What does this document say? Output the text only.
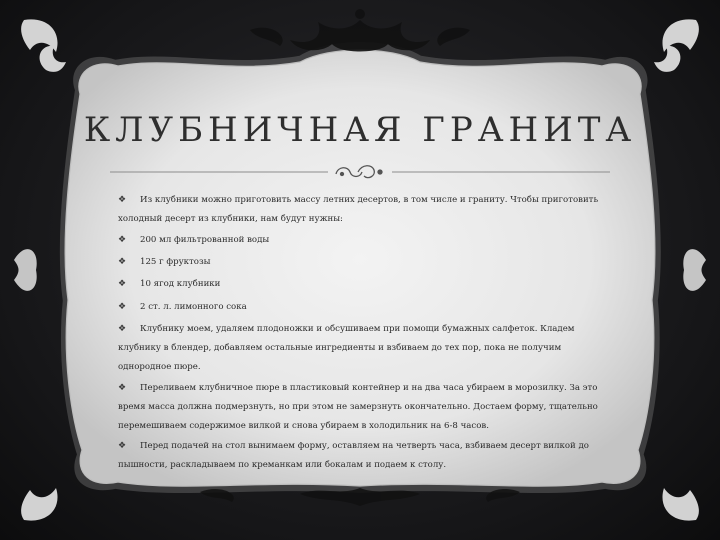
КЛУБНИЧНАЯ ГРАНИТА

❖ Из клубники можно приготовить массу летних десертов, в том числе и граниту. Чтобы приготовить холодный десерт из клубники, нам будут нужны:

❖ 200 мл фильтрованной воды

❖ 125 г фруктозы

❖ 10 ягод клубники

❖ 2 ст. л. лимонного сока

❖ Клубнику моем, удаляем плодоножки и обсушиваем при помощи бумажных салфеток. Кладем клубнику в блендер, добавляем остальные ингредиенты и взбиваем до тех пор, пока не получим однородное пюре.

❖ Переливаем клубничное пюре в пластиковый контейнер и на два часа убираем в морозилку. За это время масса должна подмерзнуть, но при этом не замерзнуть окончательно. Достаем форму, тщательно перемешиваем содержимое вилкой и снова убираем в холодильник на 6-8 часов.

❖ Перед подачей на стол вынимаем форму, оставляем на четверть часа, взбиваем десерт вилкой до пышности, раскладываем по креманкам или бокалам и подаем к столу.
